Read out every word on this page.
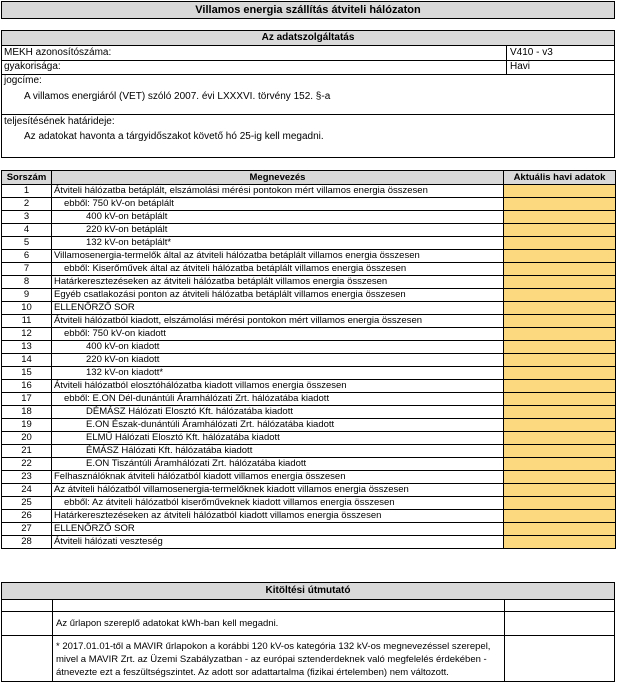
Villamos energia szállítás átviteli hálózaton
Az adatszolgáltatás
MEKH azonosítószáma:	V410 - v3
gyakorisága:	Havi
jogcíme:
A villamos energiáról (VET) szóló 2007. évi LXXXVI. törvény 152. §-a
teljesítésének határideje:
Az adatokat havonta a tárgyidőszakot követő hó 25-ig kell megadni.
Sorszám	Megnevezés	Aktuális havi adatok
1	Átviteli hálózatba betáplált, elszámolási mérési pontokon mért villamos energia összesen	
2	ebből: 750 kV-on betáplált	
3	400 kV-on betáplált	
4	220 kV-on betáplált	
5	132 kV-on betáplált*	
6	Villamosenergia-termelők által az átviteli hálózatba betáplált villamos energia összesen	
7	ebből: Kiserőművek által az átviteli hálózatba betáplált villamos energia összesen	
8	Határkeresztezéseken az átviteli hálózatba betáplált villamos energia összesen	
9	Egyéb csatlakozási ponton az átviteli hálózatba betáplált villamos energia összesen	
10	ELLENŐRZŐ SOR	
11	Átviteli hálózatból kiadott, elszámolási mérési pontokon mért villamos energia összesen	
12	ebből: 750 kV-on kiadott	
13	400 kV-on kiadott	
14	220 kV-on kiadott	
15	132 kV-on kiadott*	
16	Átviteli hálózatból elosztóhálózatba kiadott villamos energia összesen	
17	ebből: E.ON Dél-dunántúli Áramhálózati Zrt. hálózatába kiadott	
18	DÉMÁSZ Hálózati Elosztó Kft. hálózatába kiadott	
19	E.ON Észak-dunántúli Áramhálózati Zrt. hálózatába kiadott	
20	ELMŰ Hálózati Elosztó Kft. hálózatába kiadott	
21	ÉMÁSZ Hálózati Kft. hálózatába kiadott	
22	E.ON Tiszántúli Áramhálózati Zrt. hálózatába kiadott	
23	Felhasználóknak átviteli hálózatból kiadott villamos energia összesen	
24	Az átviteli hálózatból villamosenergia-termelőknek kiadott villamos energia összesen	
25	ebből: Az átviteli hálózatból kiserőműveknek kiadott villamos energia összesen	
26	Határkeresztezéseken az átviteli hálózatból kiadott villamos energia összesen	
27	ELLENŐRZŐ SOR	
28	Átviteli hálózati veszteség	
Kitöltési útmutató
Az űrlapon szereplő adatokat kWh-ban kell megadni.
* 2017.01.01-től a MAVIR űrlapokon a korábbi 120 kV-os kategória 132 kV-os megnevezéssel szerepel, mivel a MAVIR Zrt. az Üzemi Szabályzatban - az európai sztenderdeknek való megfelelés érdekében - átnevezte ezt a feszültségszintet. Az adott sor adattartalma (fizikai értelemben) nem változott.
